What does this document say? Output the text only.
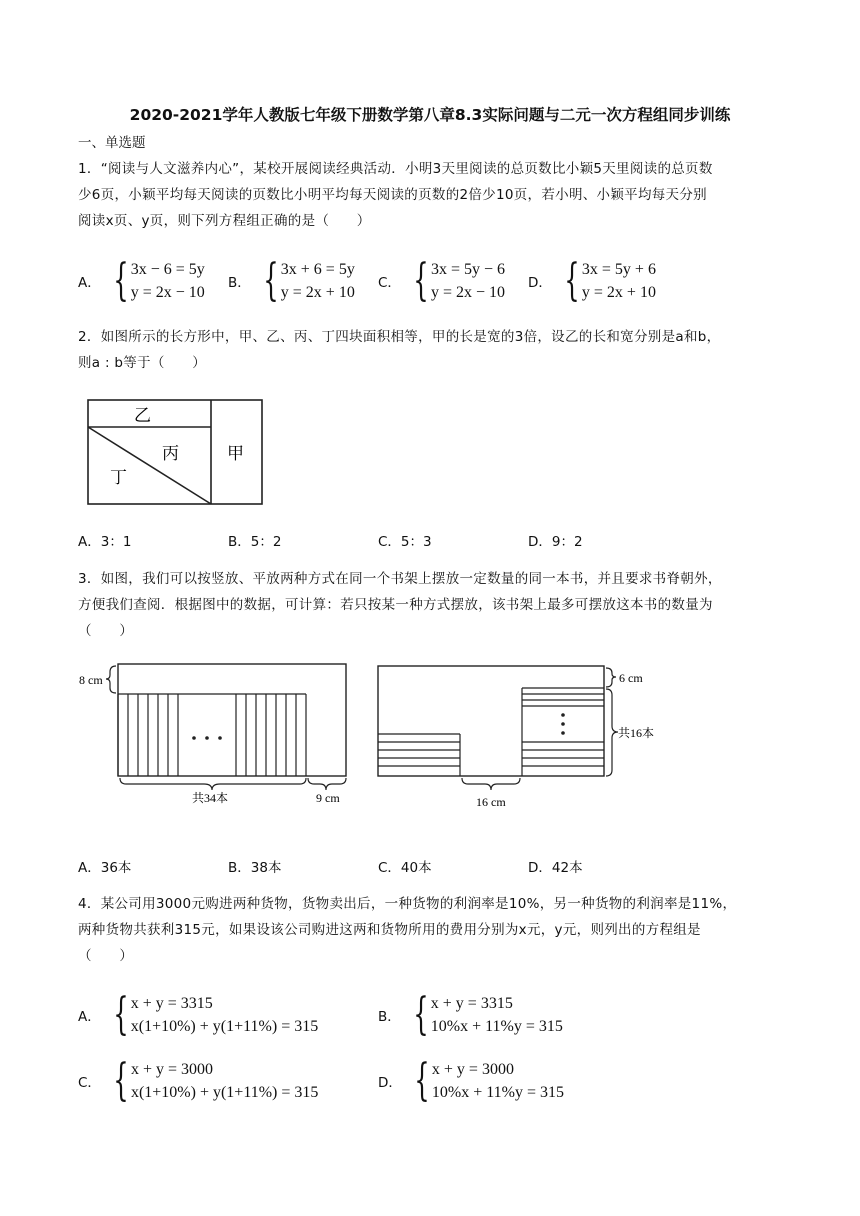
2020-2021学年人教版七年级下册数学第八章8.3实际问题与二元一次方程组同步训练
一、单选题
1．“阅读与人文滋养内心”，某校开展阅读经典活动．小明3天里阅读的总页数比小颖5天里阅读的总页数
少6页，小颖平均每天阅读的页数比小明平均每天阅读的页数的2倍少10页，若小明、小颖平均每天分别
阅读x页、y页，则下列方程组正确的是（　　）
A． { 3x − 6 = 5y
y = 2x − 10
B． { 3x + 6 = 5y
y = 2x + 10
C． { 3x = 5y − 6
y = 2x − 10
D． { 3x = 5y + 6
y = 2x + 10
2．如图所示的长方形中，甲、乙、丙、丁四块面积相等，甲的长是宽的3倍，设乙的长和宽分别是a和b，
则a : b等于（　　）
乙
丙
丁
甲
A．3：1	B．5：2	C．5：3	D．9：2
3．如图，我们可以按竖放、平放两种方式在同一个书架上摆放一定数量的同一本书，并且要求书脊朝外，
方便我们查阅．根据图中的数据，可计算：若只按某一种方式摆放，该书架上最多可摆放这本书的数量为
（　　）
8 cm
共34本	9 cm
6 cm
共16本
16 cm
A．36本	B．38本	C．40本	D．42本
4．某公司用3000元购进两种货物，货物卖出后，一种货物的利润率是10%，另一种货物的利润率是11%，
两种货物共获利315元，如果设该公司购进这两和货物所用的费用分别为x元，y元，则列出的方程组是
（　　）
A． { x + y = 3315
x(1+10%) + y(1+11%) = 315
B． { x + y = 3315
10%x + 11%y = 315
C． { x + y = 3000
x(1+10%) + y(1+11%) = 315
D． { x + y = 3000
10%x + 11%y = 315
